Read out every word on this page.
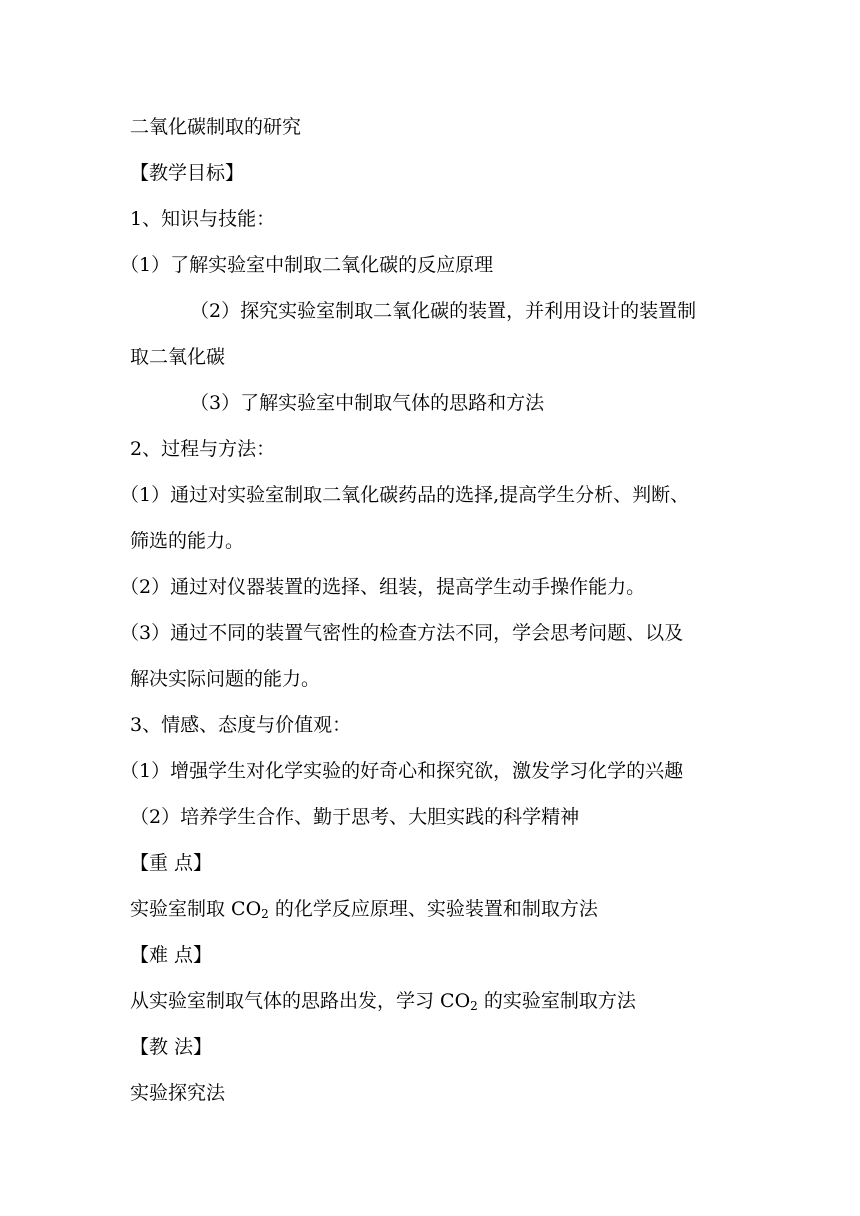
二氧化碳制取的研究
【教学目标】
1、知识与技能：
（1）了解实验室中制取二氧化碳的反应原理
（2）探究实验室制取二氧化碳的装置，并利用设计的装置制
取二氧化碳
（3）了解实验室中制取气体的思路和方法
2、过程与方法：
（1）通过对实验室制取二氧化碳药品的选择,提高学生分析、判断、
筛选的能力。
（2）通过对仪器装置的选择、组装，提高学生动手操作能力。
（3）通过不同的装置气密性的检查方法不同，学会思考问题、以及
解决实际问题的能力。
3、情感、态度与价值观：
（1）增强学生对化学实验的好奇心和探究欲，激发学习化学的兴趣
（2）培养学生合作、勤于思考、大胆实践的科学精神
【重 点】
实验室制取 $CO_2$ 的化学反应原理、实验装置和制取方法
【难 点】
从实验室制取气体的思路出发，学习 $CO_2$ 的实验室制取方法
【教 法】
实验探究法
